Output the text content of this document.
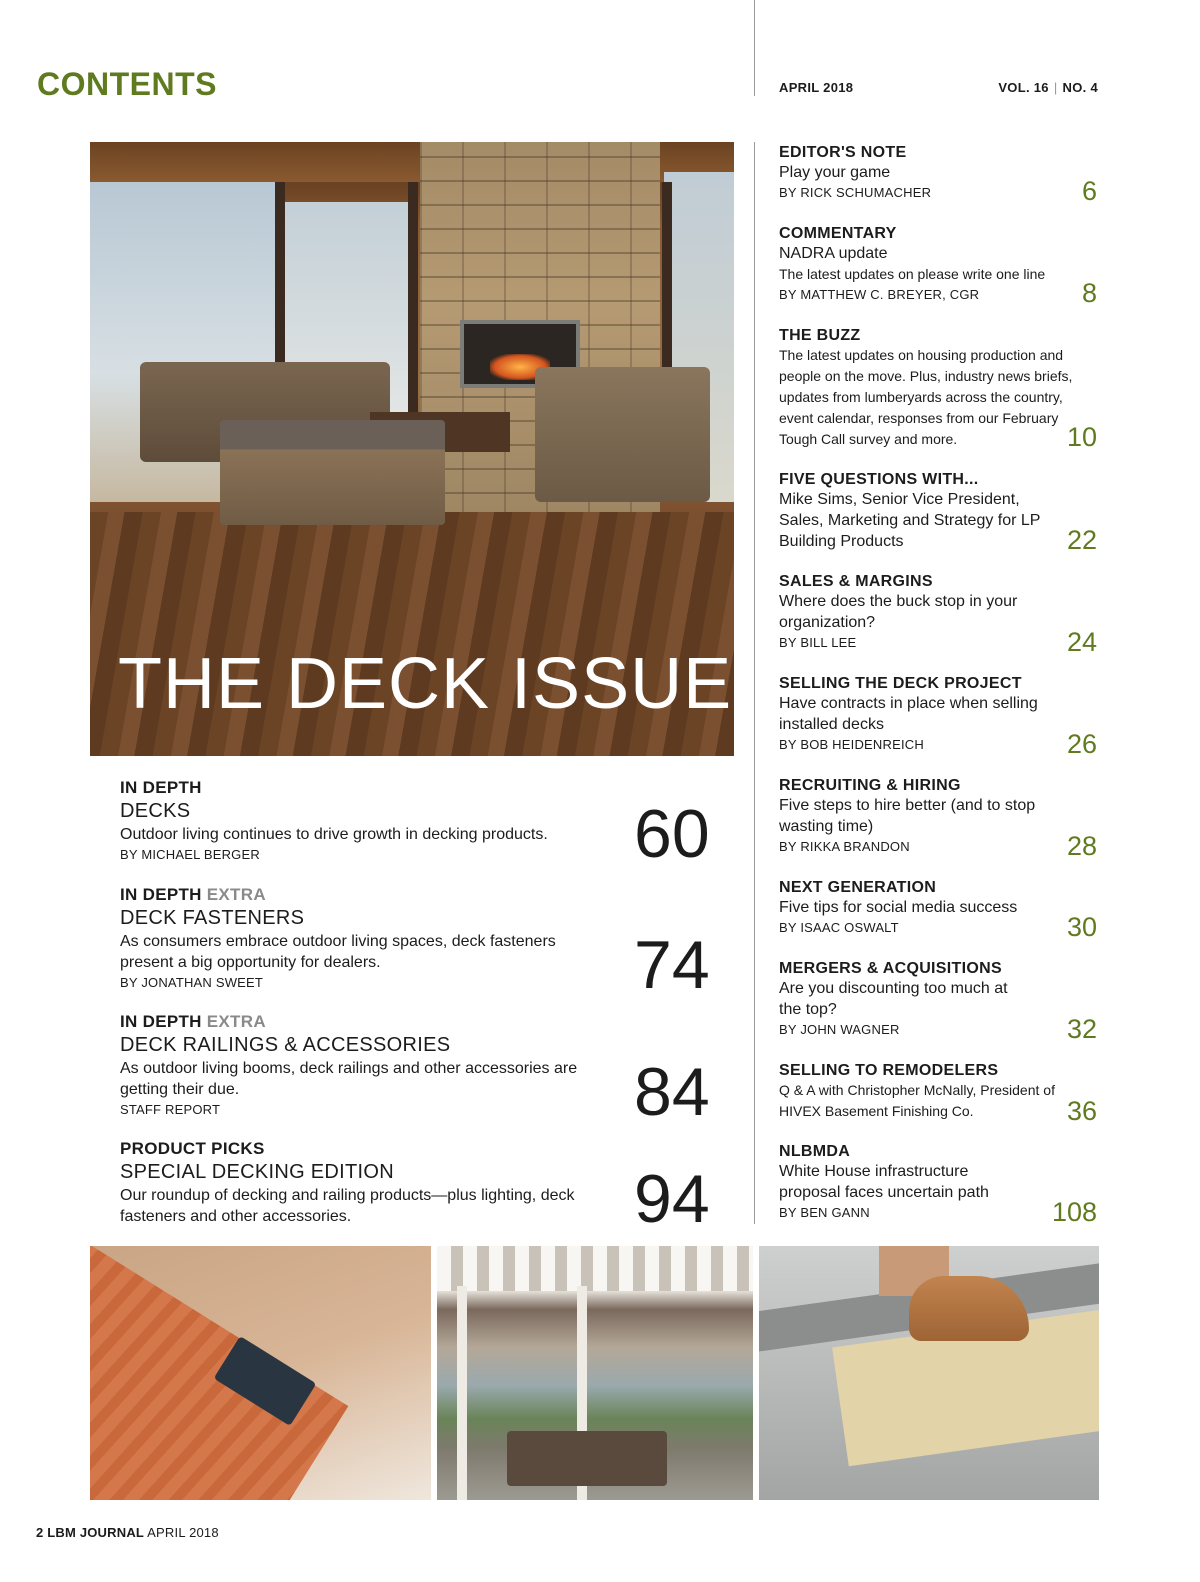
CONTENTS	APRIL 2018	VOL. 16 | NO. 4
THE DECK ISSUE
IN DEPTH
DECKS
Outdoor living continues to drive growth in decking products.
BY MICHAEL BERGER	60
IN DEPTH EXTRA
DECK FASTENERS
As consumers embrace outdoor living spaces, deck fasteners present a big opportunity for dealers.
BY JONATHAN SWEET	74
IN DEPTH EXTRA
DECK RAILINGS & ACCESSORIES
As outdoor living booms, deck railings and other accessories are getting their due.
STAFF REPORT	84
PRODUCT PICKS
SPECIAL DECKING EDITION
Our roundup of decking and railing products—plus lighting, deck fasteners and other accessories.	94
EDITOR'S NOTE
Play your game
BY RICK SCHUMACHER	6
COMMENTARY
NADRA update
The latest updates on please write one line
BY MATTHEW C. BREYER, CGR	8
THE BUZZ
The latest updates on housing production and people on the move. Plus, industry news briefs, updates from lumberyards across the country, event calendar, responses from our February Tough Call survey and more.	10
FIVE QUESTIONS WITH...
Mike Sims, Senior Vice President, Sales, Marketing and Strategy for LP Building Products	22
SALES & MARGINS
Where does the buck stop in your organization?
BY BILL LEE	24
SELLING THE DECK PROJECT
Have contracts in place when selling installed decks
BY BOB HEIDENREICH	26
RECRUITING & HIRING
Five steps to hire better (and to stop wasting time)
BY RIKKA BRANDON	28
NEXT GENERATION
Five tips for social media success
BY ISAAC OSWALT	30
MERGERS & ACQUISITIONS
Are you discounting too much at the top?
BY JOHN WAGNER	32
SELLING TO REMODELERS
Q & A with Christopher McNally, President of HIVEX Basement Finishing Co.	36
NLBMDA
White House infrastructure proposal faces uncertain path
BY BEN GANN	108
2 LBM JOURNAL APRIL 2018
